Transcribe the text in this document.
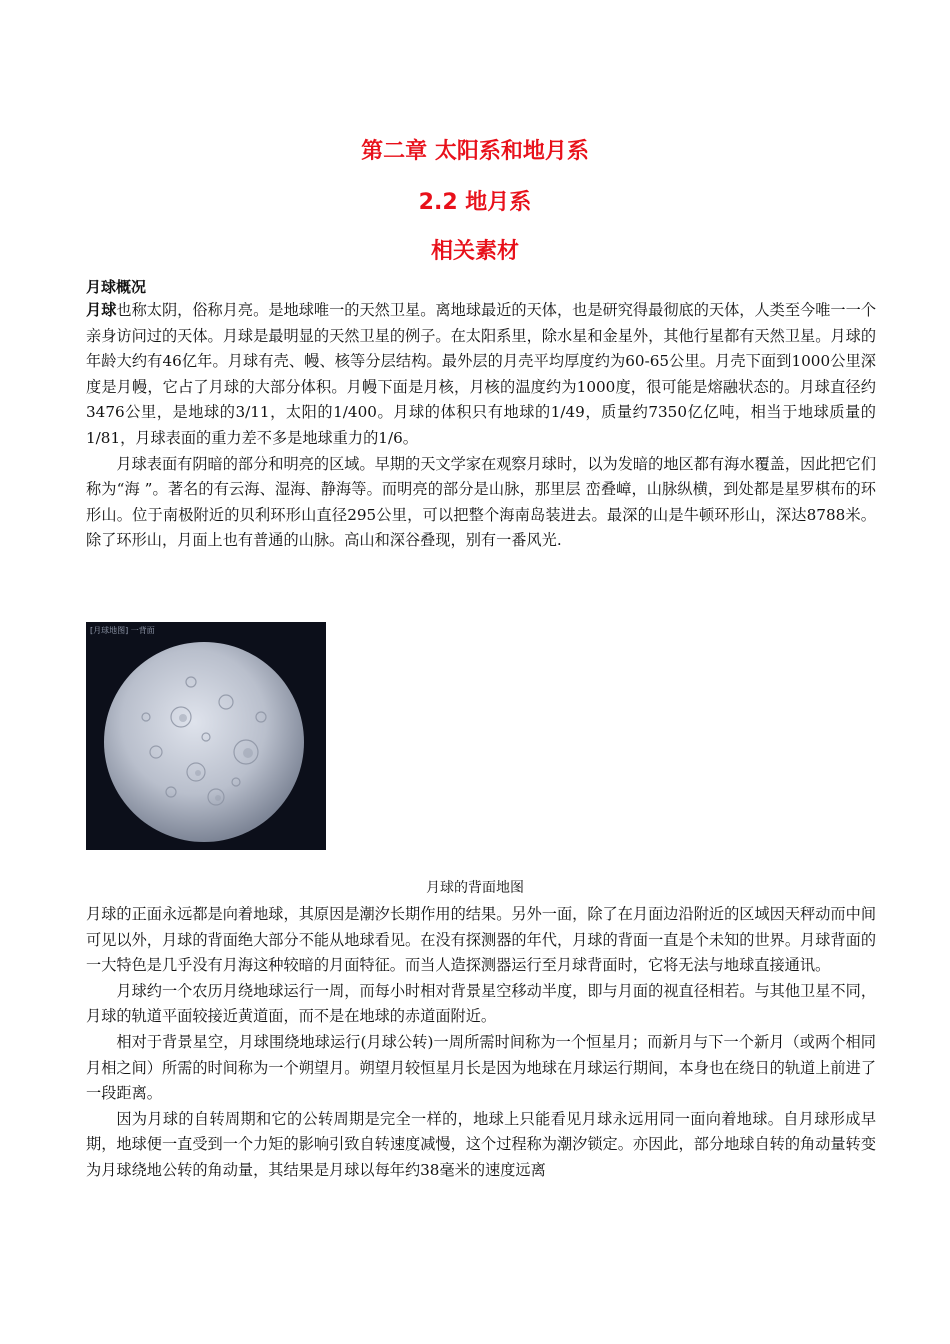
第二章 太阳系和地月系
2.2 地月系
相关素材
月球概况

月球也称太阴，俗称月亮。是地球唯一的天然卫星。离地球最近的天体，也是研究得最彻底的天体，人类至今唯一一个亲身访问过的天体。月球是最明显的天然卫星的例子。在太阳系里，除水星和金星外，其他行星都有天然卫星。月球的年龄大约有46亿年。月球有壳、幔、核等分层结构。最外层的月壳平均厚度约为60-65公里。月壳下面到1000公里深度是月幔，它占了月球的大部分体积。月幔下面是月核，月核的温度约为1000度，很可能是熔融状态的。月球直径约3476公里，是地球的3/11，太阳的1/400。月球的体积只有地球的1/49，质量约7350亿亿吨，相当于地球质量的1/81，月球表面的重力差不多是地球重力的1/6。

月球表面有阴暗的部分和明亮的区域。早期的天文学家在观察月球时，以为发暗的地区都有海水覆盖，因此把它们称为“海 ”。著名的有云海、湿海、静海等。而明亮的部分是山脉，那里层 峦叠嶂，山脉纵横，到处都是星罗棋布的环形山。位于南极附近的贝利环形山直径295公里，可以把整个海南岛装进去。最深的山是牛顿环形山，深达8788米。除了环形山，月面上也有普通的山脉。高山和深谷叠现，别有一番风光.

[月球地图] 一背面

月球的背面地图

月球的正面永远都是向着地球，其原因是潮汐长期作用的结果。另外一面，除了在月面边沿附近的区域因天秤动而中间可见以外，月球的背面绝大部分不能从地球看见。在没有探测器的年代，月球的背面一直是个未知的世界。月球背面的一大特色是几乎没有月海这种较暗的月面特征。而当人造探测器运行至月球背面时，它将无法与地球直接通讯。

月球约一个农历月绕地球运行一周，而每小时相对背景星空移动半度，即与月面的视直径相若。与其他卫星不同，月球的轨道平面较接近黄道面，而不是在地球的赤道面附近。

相对于背景星空，月球围绕地球运行(月球公转)一周所需时间称为一个恒星月；而新月与下一个新月（或两个相同月相之间）所需的时间称为一个朔望月。朔望月较恒星月长是因为地球在月球运行期间，本身也在绕日的轨道上前进了一段距离。

因为月球的自转周期和它的公转周期是完全一样的，地球上只能看见月球永远用同一面向着地球。自月球形成早期，地球便一直受到一个力矩的影响引致自转速度减慢，这个过程称为潮汐锁定。亦因此，部分地球自转的角动量转变为月球绕地公转的角动量，其结果是月球以每年约38毫米的速度远离
